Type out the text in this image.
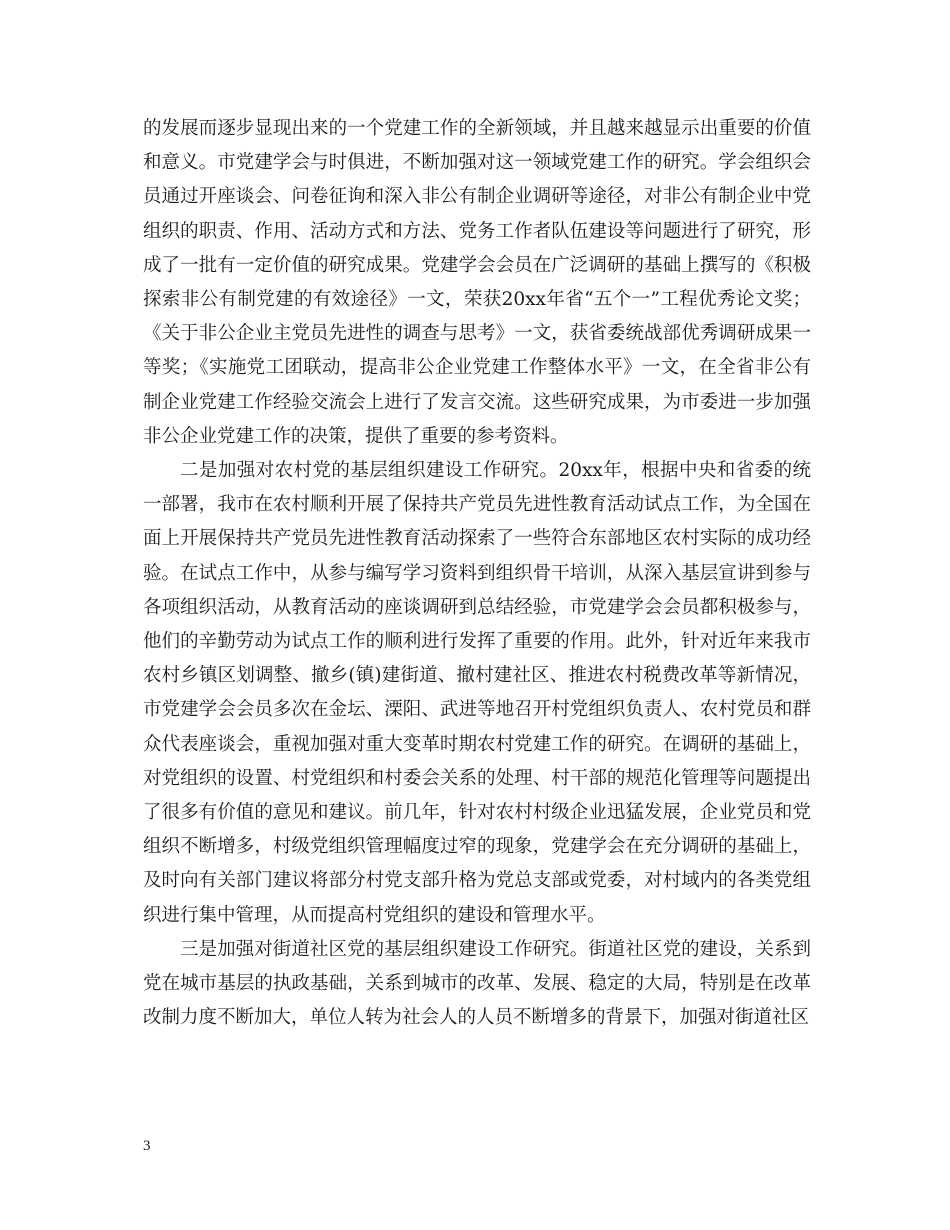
的发展而逐步显现出来的一个党建工作的全新领域，并且越来越显示出重要的价值和意义。市党建学会与时俱进，不断加强对这一领域党建工作的研究。学会组织会员通过开座谈会、问卷征询和深入非公有制企业调研等途径，对非公有制企业中党组织的职责、作用、活动方式和方法、党务工作者队伍建设等问题进行了研究，形成了一批有一定价值的研究成果。党建学会会员在广泛调研的基础上撰写的《积极探索非公有制党建的有效途径》一文，荣获20xx年省“五个一”工程优秀论文奖；《关于非公企业主党员先进性的调查与思考》一文，获省委统战部优秀调研成果一等奖；《实施党工团联动，提高非公企业党建工作整体水平》一文，在全省非公有制企业党建工作经验交流会上进行了发言交流。这些研究成果，为市委进一步加强非公企业党建工作的决策，提供了重要的参考资料。

二是加强对农村党的基层组织建设工作研究。20xx年，根据中央和省委的统一部署，我市在农村顺利开展了保持共产党员先进性教育活动试点工作，为全国在面上开展保持共产党员先进性教育活动探索了一些符合东部地区农村实际的成功经验。在试点工作中，从参与编写学习资料到组织骨干培训，从深入基层宣讲到参与各项组织活动，从教育活动的座谈调研到总结经验，市党建学会会员都积极参与，他们的辛勤劳动为试点工作的顺利进行发挥了重要的作用。此外，针对近年来我市农村乡镇区划调整、撤乡(镇)建街道、撤村建社区、推进农村税费改革等新情况，市党建学会会员多次在金坛、溧阳、武进等地召开村党组织负责人、农村党员和群众代表座谈会，重视加强对重大变革时期农村党建工作的研究。在调研的基础上，对党组织的设置、村党组织和村委会关系的处理、村干部的规范化管理等问题提出了很多有价值的意见和建议。前几年，针对农村村级企业迅猛发展，企业党员和党组织不断增多，村级党组织管理幅度过窄的现象，党建学会在充分调研的基础上，及时向有关部门建议将部分村党支部升格为党总支部或党委，对村域内的各类党组织进行集中管理，从而提高村党组织的建设和管理水平。

三是加强对街道社区党的基层组织建设工作研究。街道社区党的建设，关系到党在城市基层的执政基础，关系到城市的改革、发展、稳定的大局，特别是在改革改制力度不断加大，单位人转为社会人的人员不断增多的背景下，加强对街道社区

3
